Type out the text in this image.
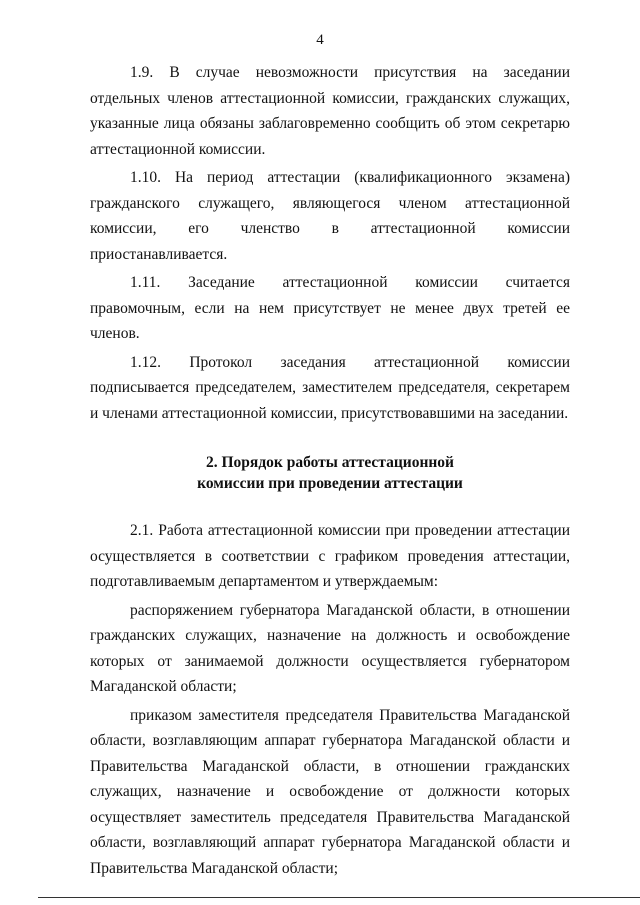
4

1.9. В случае невозможности присутствия на заседании отдельных членов аттестационной комиссии, гражданских служащих, указанные лица обязаны заблаговременно сообщить об этом секретарю аттестационной комиссии.

1.10. На период аттестации (квалификационного экзамена) гражданского служащего, являющегося членом аттестационной комиссии, его членство в аттестационной комиссии приостанавливается.

1.11. Заседание аттестационной комиссии считается правомочным, если на нем присутствует не менее двух третей ее членов.

1.12. Протокол заседания аттестационной комиссии подписывается председателем, заместителем председателя, секретарем и членами аттестационной комиссии, присутствовавшими на заседании.

2. Порядок работы аттестационной
комиссии при проведении аттестации

2.1. Работа аттестационной комиссии при проведении аттестации осуществляется в соответствии с графиком проведения аттестации, подготавливаемым департаментом и утверждаемым:

распоряжением губернатора Магаданской области, в отношении гражданских служащих, назначение на должность и освобождение которых от занимаемой должности осуществляется губернатором Магаданской области;

приказом заместителя председателя Правительства Магаданской области, возглавляющим аппарат губернатора Магаданской области и Правительства Магаданской области, в отношении гражданских служащих, назначение и освобождение от должности которых осуществляет заместитель председателя Правительства Магаданской области, возглавляющий аппарат губернатора Магаданской области и Правительства Магаданской области;
